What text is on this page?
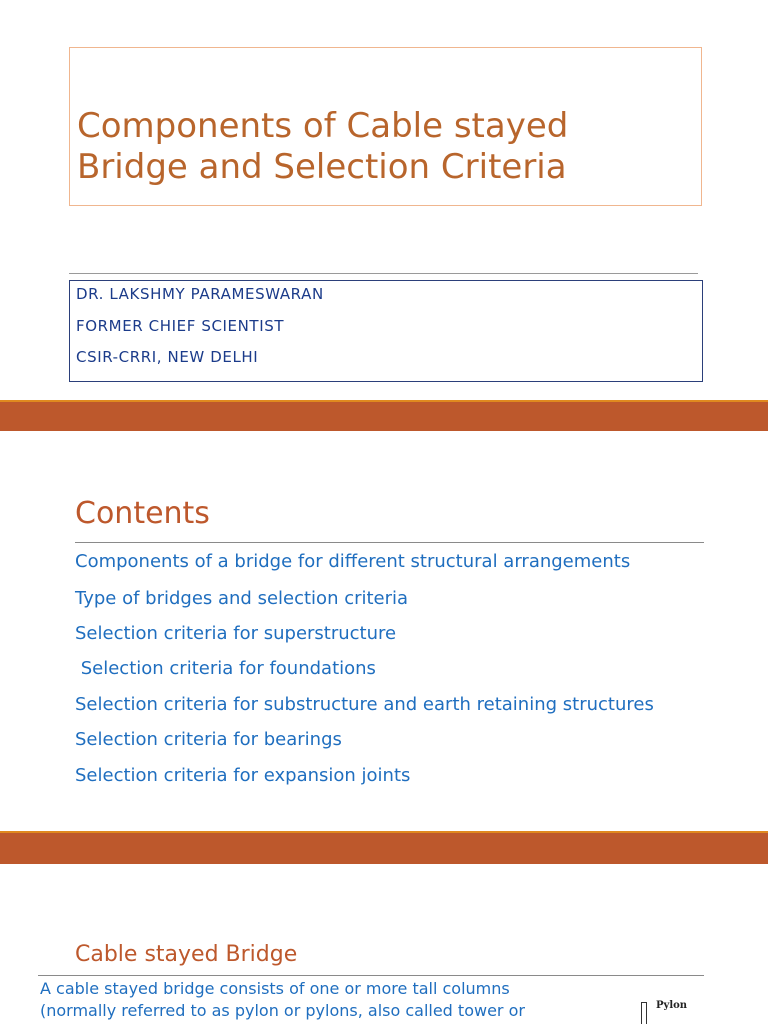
Components of Cable stayed
Bridge and Selection Criteria
DR. LAKSHMY PARAMESWARAN
FORMER CHIEF SCIENTIST
CSIR-CRRI, NEW DELHI
Contents
Components of a bridge for different structural arrangements
Type of bridges and selection criteria
Selection criteria for superstructure
Selection criteria for foundations
Selection criteria for substructure and earth retaining structures
Selection criteria for bearings
Selection criteria for expansion joints
Cable stayed Bridge
A cable stayed bridge consists of one or more tall columns
(normally referred to as pylon or pylons, also called tower or	Pylon
